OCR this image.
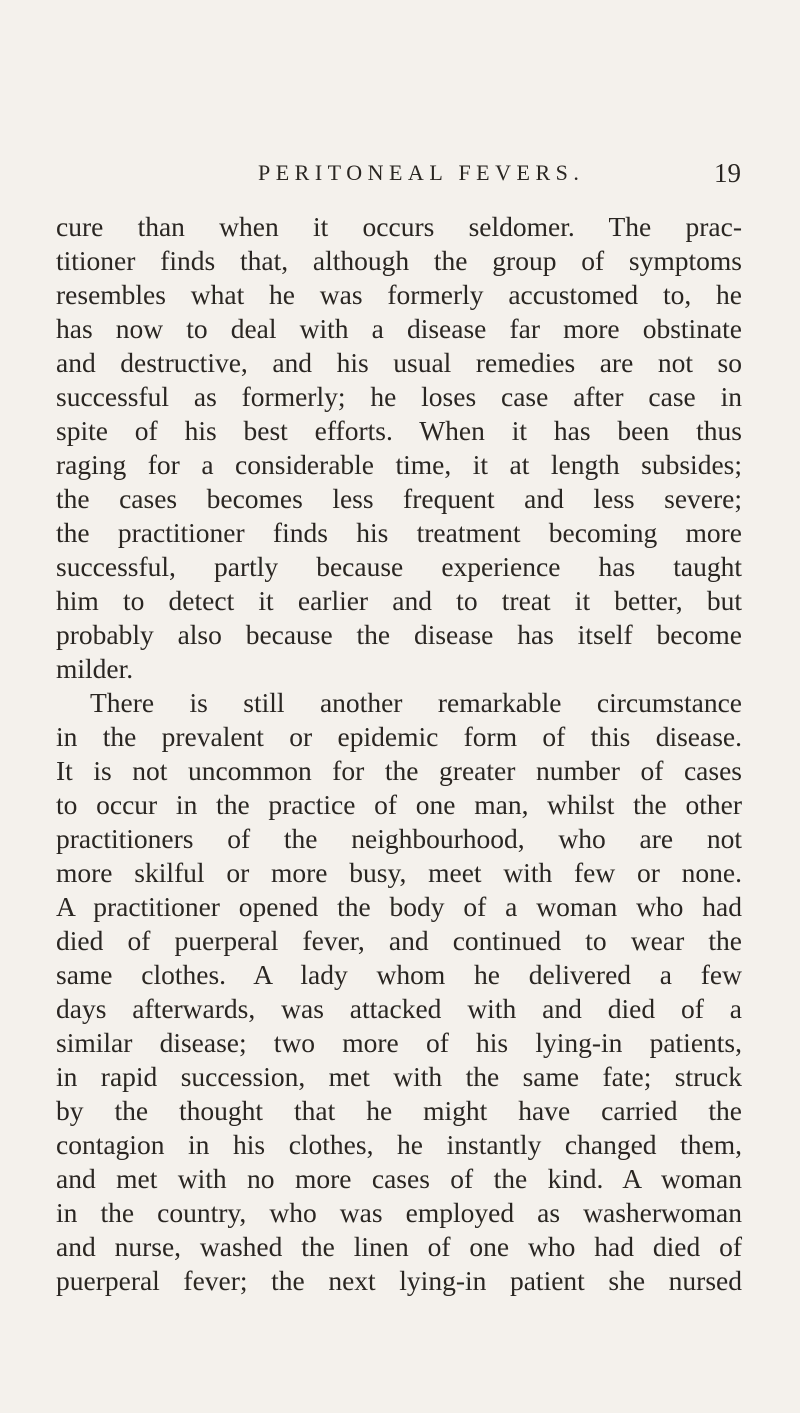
PERITONEAL FEVERS.	19
cure than when it occurs seldomer. The prac-
titioner finds that, although the group of symptoms
resembles what he was formerly accustomed to, he
has now to deal with a disease far more obstinate
and destructive, and his usual remedies are not so
successful as formerly; he loses case after case in
spite of his best efforts. When it has been thus
raging for a considerable time, it at length subsides;
the cases becomes less frequent and less severe;
the practitioner finds his treatment becoming more
successful, partly because experience has taught
him to detect it earlier and to treat it better, but
probably also because the disease has itself become
milder.
There is still another remarkable circumstance
in the prevalent or epidemic form of this disease.
It is not uncommon for the greater number of cases
to occur in the practice of one man, whilst the other
practitioners of the neighbourhood, who are not
more skilful or more busy, meet with few or none.
A practitioner opened the body of a woman who had
died of puerperal fever, and continued to wear the
same clothes. A lady whom he delivered a few
days afterwards, was attacked with and died of a
similar disease; two more of his lying-in patients,
in rapid succession, met with the same fate; struck
by the thought that he might have carried the
contagion in his clothes, he instantly changed them,
and met with no more cases of the kind. A woman
in the country, who was employed as washerwoman
and nurse, washed the linen of one who had died of
puerperal fever; the next lying-in patient she nursed
